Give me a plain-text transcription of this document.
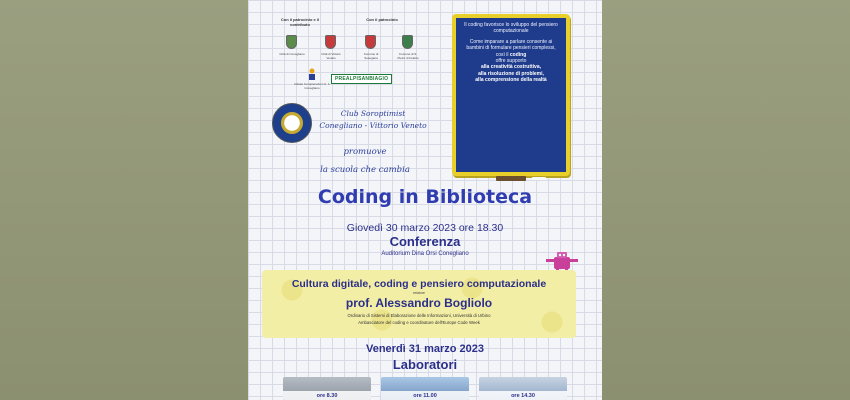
Con il patrocinio e il contributo
Con il patrocinio
Città di Conegliano	Città di Vittorio Veneto
Comune di Susegana
Comune di S. Pietro di Feletto
Istituto Comprensivo I.C. 1 Conegliano
PREALPISANBIAGIO

Il coding favorisce lo sviluppo del pensiero computazionale

Come imparare a parlare consente ai bambini di formulare pensieri complessi,

così il coding

offre supporto

alla creatività costruttiva,

alla risoluzione di problemi,

alla comprensione della realtà

Club Soroptimist
Conegliano - Vittorio Veneto
promuove
la scuola che cambia
Coding in Biblioteca
Giovedì 30 marzo 2023 ore 18.30
Conferenza
Auditorium Dina Orsi Conegliano
Cultura digitale, coding e pensiero computazionale
relatore
prof. Alessandro Bogliolo
Ordinario di Sistemi di Elaborazione delle Informazioni, Università di Urbino
Ambasciatore del coding e coordinatore dell'Europe Code Week
Venerdì 31 marzo 2023
Laboratori
ore 8.30	ore 11.00	ore 14.30
